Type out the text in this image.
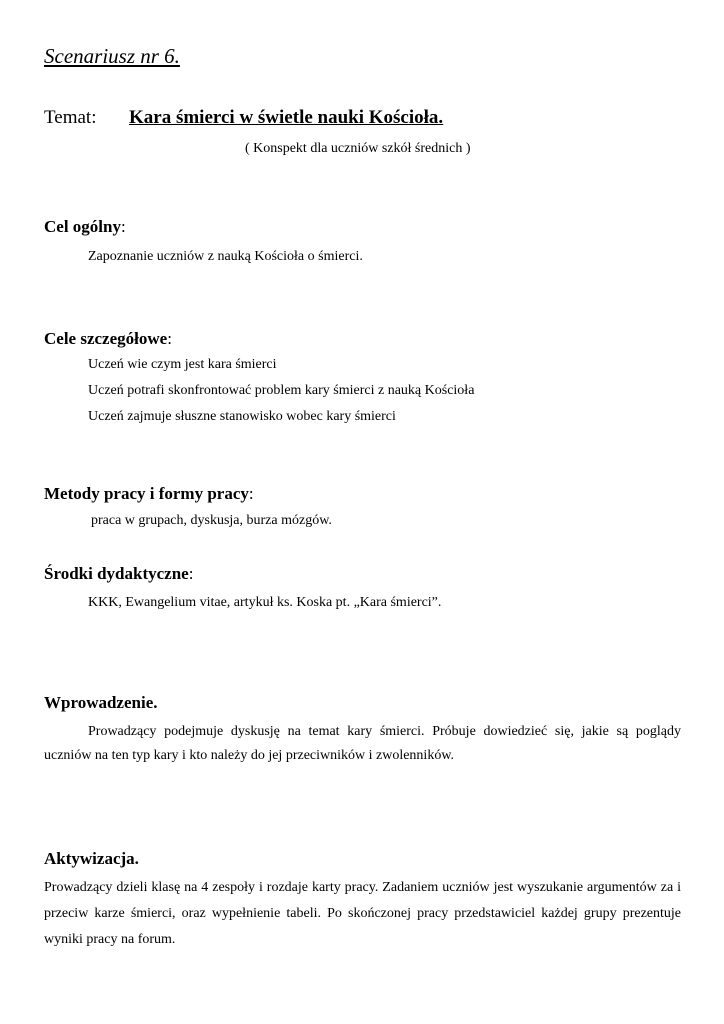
Scenariusz nr 6.
Temat: Kara śmierci w świetle nauki Kościoła.
( Konspekt dla uczniów szkół średnich )
Cel ogólny:
Zapoznanie uczniów z nauką Kościoła o śmierci.
Cele szczegółowe:
Uczeń wie czym jest kara śmierci
Uczeń potrafi skonfrontować problem kary śmierci z nauką Kościoła
Uczeń zajmuje słuszne stanowisko wobec kary śmierci
Metody pracy i formy pracy:
praca w grupach, dyskusja, burza mózgów.
Środki dydaktyczne:
KKK, Ewangelium vitae, artykuł ks. Koska pt. „Kara śmierci”.
Wprowadzenie.
Prowadzący podejmuje dyskusję na temat kary śmierci. Próbuje dowiedzieć się, jakie są poglądy uczniów na ten typ kary i kto należy do jej przeciwników i zwolenników.
Aktywizacja.
Prowadzący dzieli klasę na 4 zespoły i rozdaje karty pracy. Zadaniem uczniów jest wyszukanie argumentów za i przeciw karze śmierci, oraz wypełnienie tabeli. Po skończonej pracy przedstawiciel każdej grupy prezentuje wyniki pracy na forum.
